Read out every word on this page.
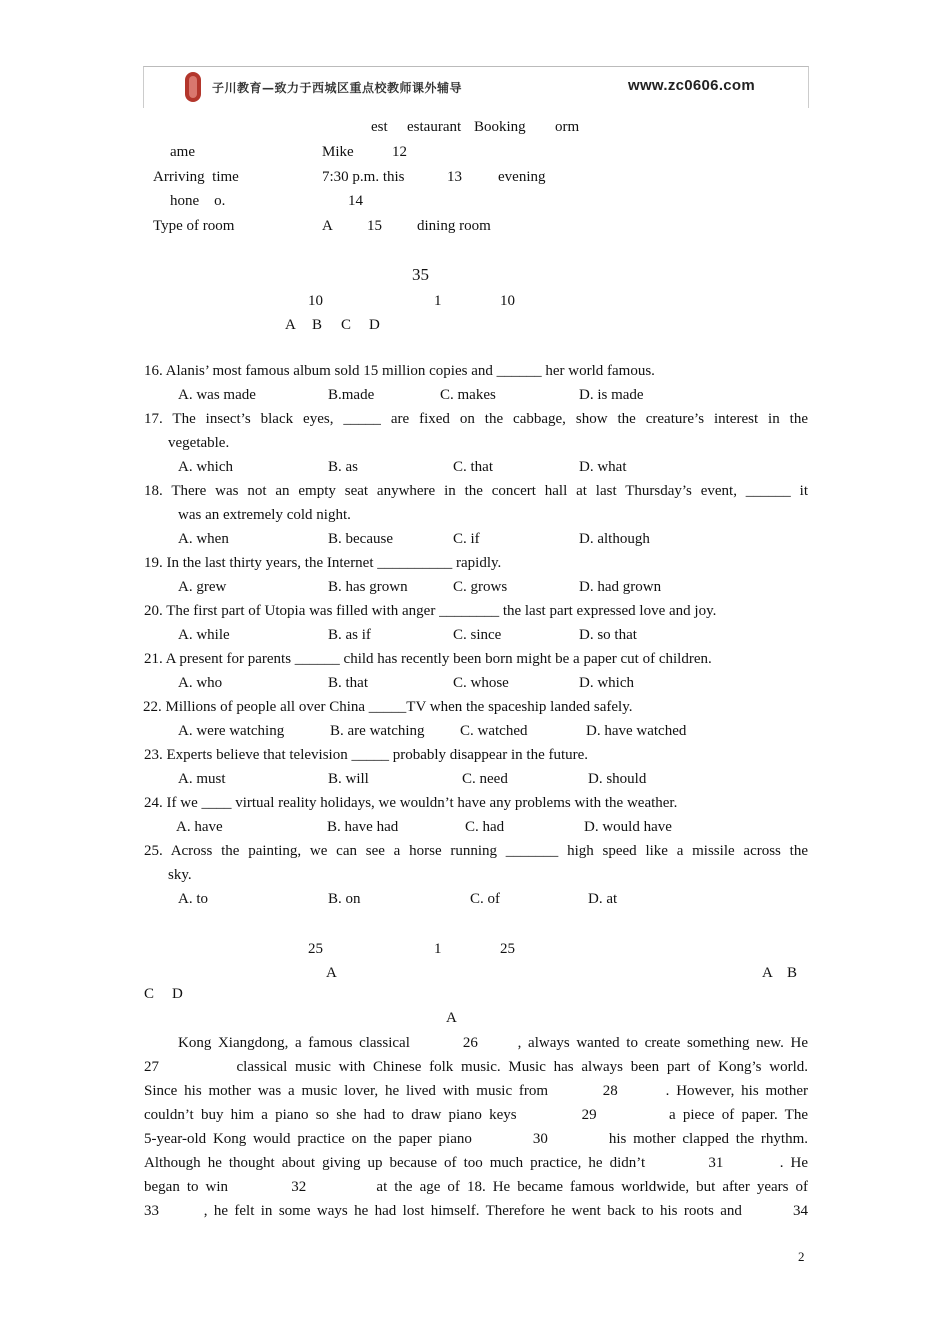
子川教育—致力于西城区重点校教师课外辅导	www.zc0606.com
est estaurant Booking orm
ame	Mike	12
Arriving  time	7:30 p.m. this	13 evening
hone    o.	14
Type of room	A 15 dining room
35
10	1	10
A B C D
16. Alanis’ most famous album sold 15 million copies and ______ her world famous.
A. was made	B.made	C. makes	D. is made
17. The insect’s black eyes, _____ are fixed on the cabbage, show the creature’s interest in the
vegetable.
A. which	B. as	C. that	D. what
18. There was not an empty seat anywhere in the concert hall at last Thursday’s event, ______ it
was an extremely cold night.
A. when	B. because	C. if	D. although
19. In the last thirty years, the Internet __________ rapidly.
A. grew	B. has grown	C. grows	D. had grown
20. The first part of Utopia was filled with anger ________ the last part expressed love and joy.
A. while	B. as if	C. since	D. so that
21. A present for parents ______ child has recently been born might be a paper cut of children.
A. who	B. that	C. whose	D. which
22. Millions of people all over China _____TV when the spaceship landed safely.
A. were watching	B. are watching C. watched	D. have watched
23. Experts believe that television _____ probably disappear in the future.
A. must	B. will	C. need	D. should
24. If we ____ virtual reality holidays, we wouldn’t have any problems with the weather.
A. have	B. have had	C. had	D. would have
25. Across the painting, we can see a horse running _______ high speed like a missile across the
sky.
A. to	B. on	C. of	D. at
25	1	25
A	A B
C D
A
Kong Xiangdong, a famous classical        26      , always wanted to create something new. He
27          classical music with Chinese folk music. Music has always been part of Kong’s world.
Since his mother was a music lover, he lived with music from        28       . However, his mother
couldn’t buy him a piano so she had to draw piano keys         29          a piece of paper. The
5-year-old Kong would practice on the paper piano         30         his mother clapped the rhythm.
Although he thought about giving up because of too much practice, he didn’t         31        . He
began to win         32          at the age of 18. He became famous worldwide, but after years of
33       , he felt in some ways he had lost himself. Therefore he went back to his roots and        34
2
